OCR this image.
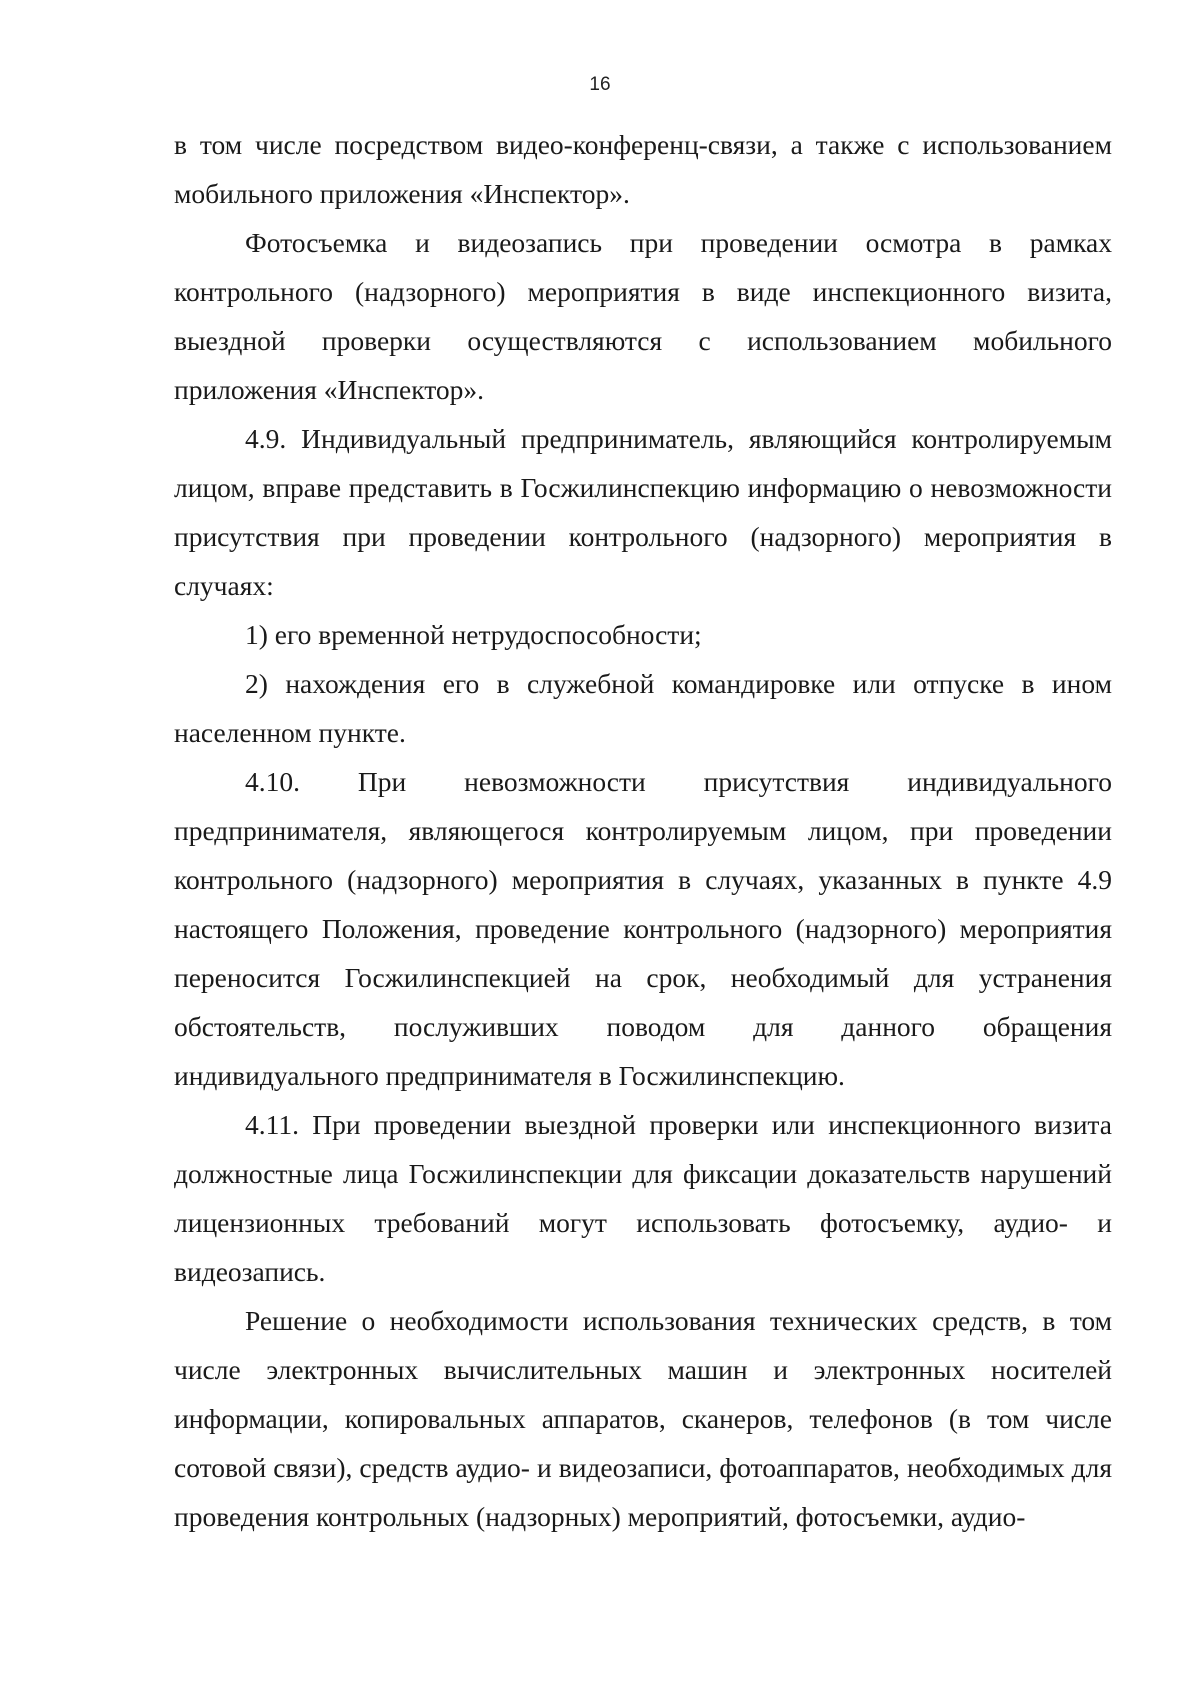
16

в том числе посредством видео-конференц-связи, а также с использованием мобильного приложения «Инспектор».

Фотосъемка и видеозапись при проведении осмотра в рамках контрольного (надзорного) мероприятия в виде инспекционного визита, выездной проверки осуществляются с использованием мобильного приложения «Инспектор».

4.9. Индивидуальный предприниматель, являющийся контролируемым лицом, вправе представить в Госжилинспекцию информацию о невозможности присутствия при проведении контрольного (надзорного) мероприятия в случаях:

1) его временной нетрудоспособности;

2) нахождения его в служебной командировке или отпуске в ином населенном пункте.

4.10. При невозможности присутствия индивидуального предпринимателя, являющегося контролируемым лицом, при проведении контрольного (надзорного) мероприятия в случаях, указанных в пункте 4.9 настоящего Положения, проведение контрольного (надзорного) мероприятия переносится Госжилинспекцией на срок, необходимый для устранения обстоятельств, послуживших поводом для данного обращения индивидуального предпринимателя в Госжилинспекцию.

4.11. При проведении выездной проверки или инспекционного визита должностные лица Госжилинспекции для фиксации доказательств нарушений лицензионных требований могут использовать фотосъемку, аудио- и видеозапись.

Решение о необходимости использования технических средств, в том числе электронных вычислительных машин и электронных носителей информации, копировальных аппаратов, сканеров, телефонов (в том числе сотовой связи), средств аудио- и видеозаписи, фотоаппаратов, необходимых для проведения контрольных (надзорных) мероприятий, фотосъемки, аудио-
